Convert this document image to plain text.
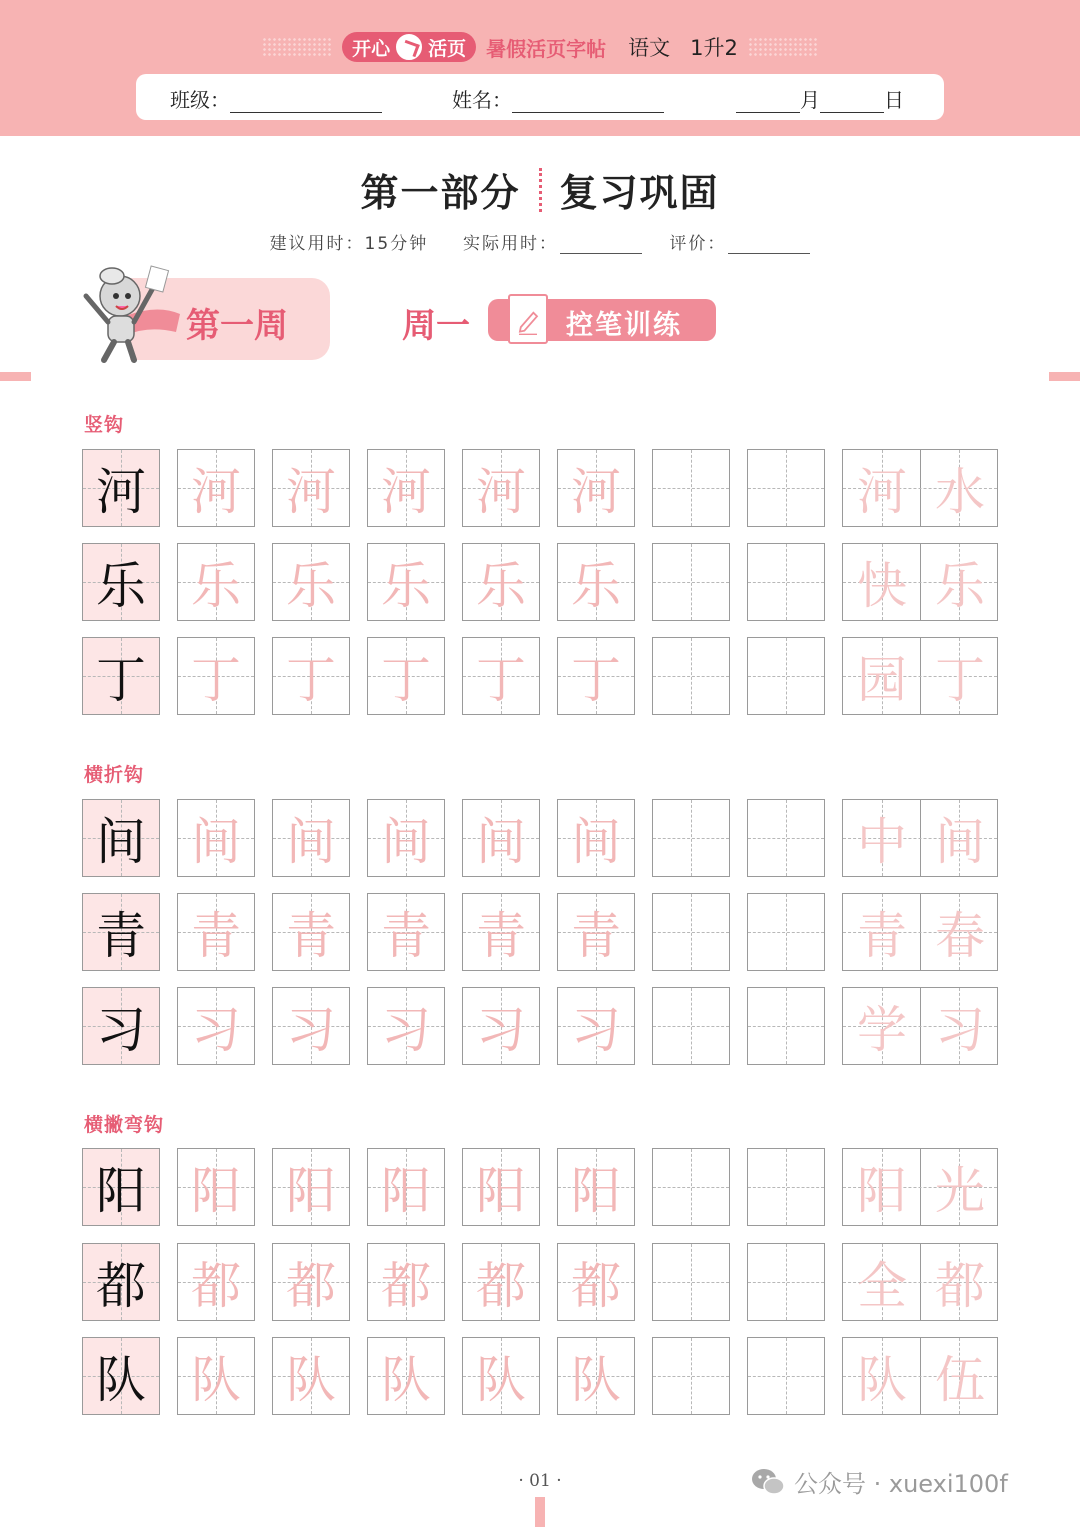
开心 活页 暑假活页字帖 语文 1升2
班级：	姓名：	月	日
第一部分 复习巩固
建议用时：15分钟 实际用时：	评价：
第一周	周一	控笔训练
竖钩
河 河 河 河 河 河	河 水
乐 乐 乐 乐 乐 乐	快 乐
丁 丁 丁 丁 丁 丁	园 丁
横折钩
间 间 间 间 间 间	中 间
青 青 青 青 青 青	青 春
习 习 习 习 习 习	学 习
横撇弯钩
阳 阳 阳 阳 阳 阳	阳 光
都 都 都 都 都 都	全 都
队 队 队 队 队 队	队 伍
· 01 ·	公众号 · xuexi100f
